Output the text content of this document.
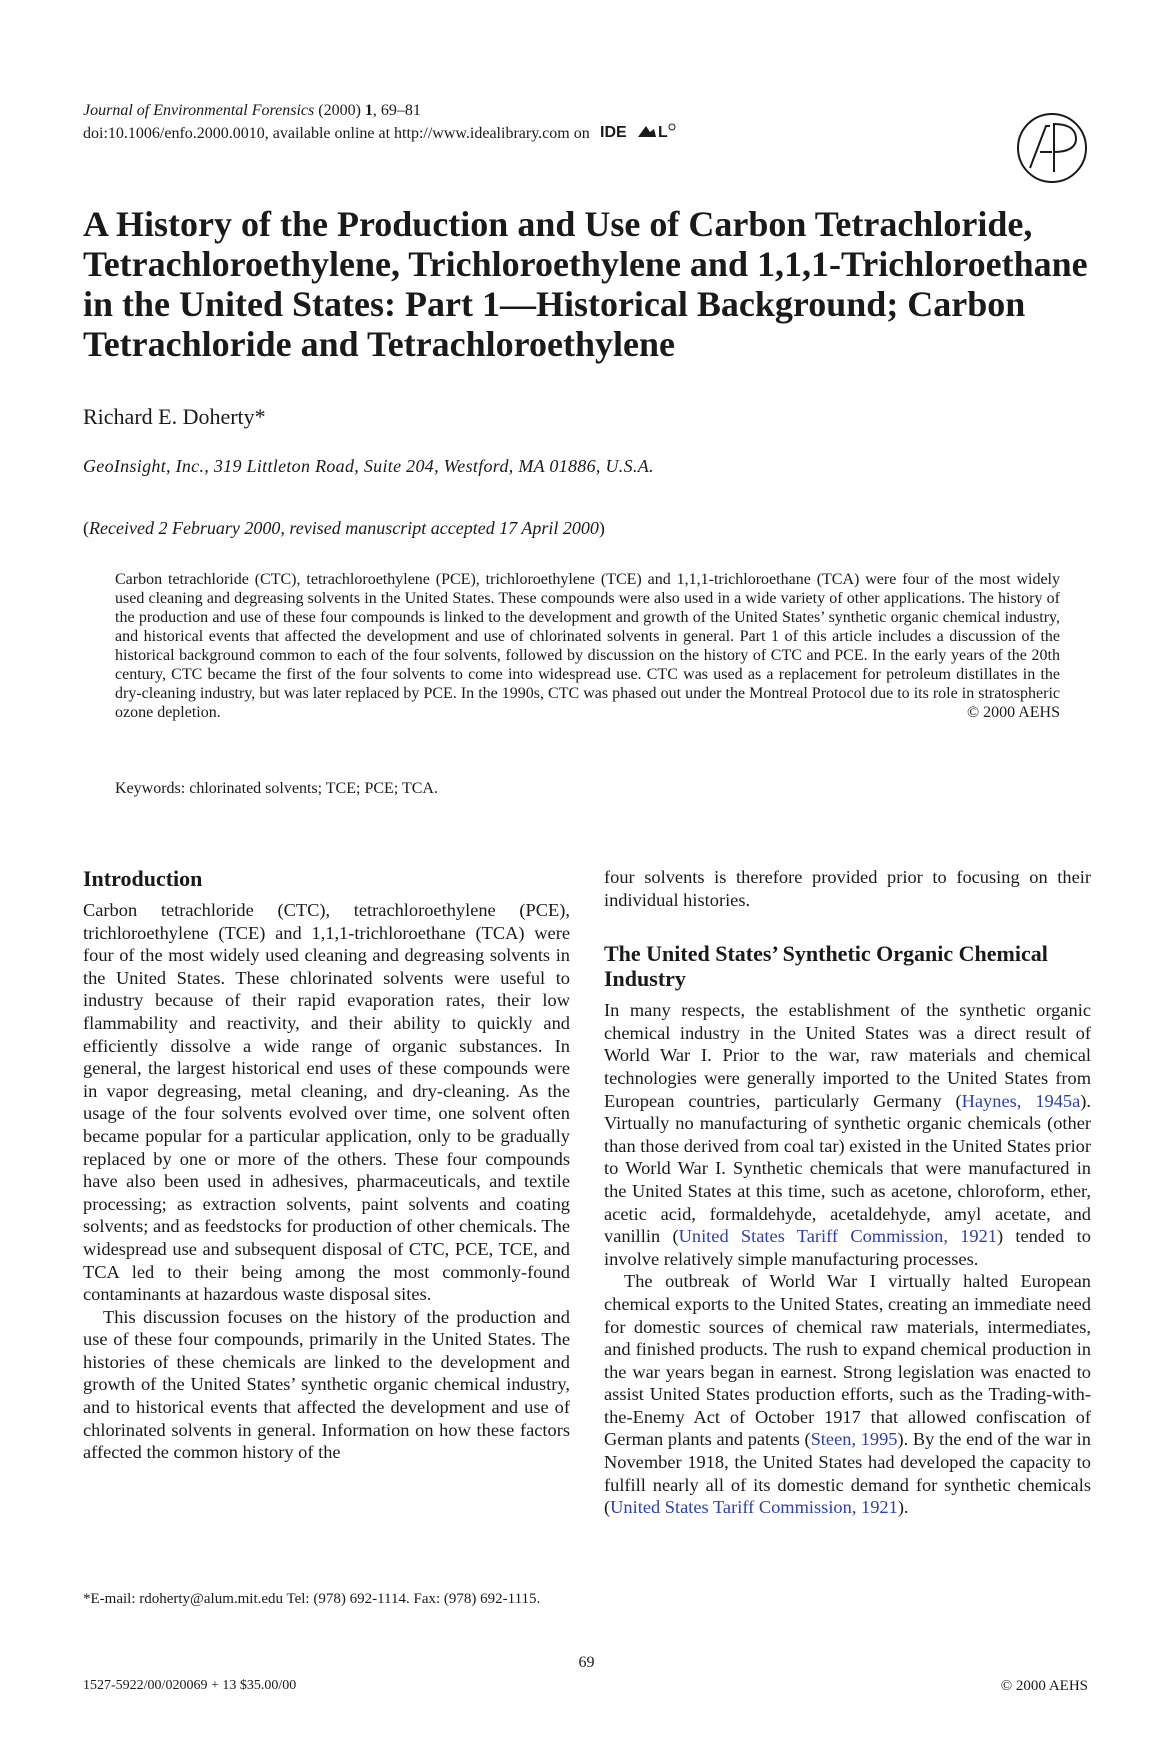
Journal of Environmental Forensics (2000) 1, 69–81
doi:10.1006/enfo.2000.0010, available online at http://www.idealibrary.com on IDE L
A History of the Production and Use of Carbon Tetrachloride, Tetrachloroethylene, Trichloroethylene and 1,1,1-Trichloroethane in the United States: Part 1—Historical Background; Carbon Tetrachloride and Tetrachloroethylene
Richard E. Doherty*
GeoInsight, Inc., 319 Littleton Road, Suite 204, Westford, MA 01886, U.S.A.
(Received 2 February 2000, revised manuscript accepted 17 April 2000)

Carbon tetrachloride (CTC), tetrachloroethylene (PCE), trichloroethylene (TCE) and 1,1,1-trichloroethane (TCA) were four of the most widely used cleaning and degreasing solvents in the United States. These compounds were also used in a wide variety of other applications. The history of the production and use of these four compounds is linked to the development and growth of the United States’ synthetic organic chemical industry, and historical events that affected the development and use of chlorinated solvents in general. Part 1 of this article includes a discussion of the historical background common to each of the four solvents, followed by discussion on the history of CTC and PCE. In the early years of the 20th century, CTC became the first of the four solvents to come into widespread use. CTC was used as a replacement for petroleum distillates in the dry-cleaning industry, but was later replaced by PCE. In the 1990s, CTC was phased out under the Montreal Protocol due to its role in stratospheric ozone depletion.	© 2000 AEHS

Keywords: chlorinated solvents; TCE; PCE; TCA.
Introduction

Carbon tetrachloride (CTC), tetrachloroethylene (PCE), trichloroethylene (TCE) and 1,1,1-trichloroethane (TCA) were four of the most widely used cleaning and degreasing solvents in the United States. These chlorinated solvents were useful to industry because of their rapid evaporation rates, their low flammability and reactivity, and their ability to quickly and efficiently dissolve a wide range of organic substances. In general, the largest historical end uses of these compounds were in vapor degreasing, metal cleaning, and dry-cleaning. As the usage of the four solvents evolved over time, one solvent often became popular for a particular application, only to be gradually replaced by one or more of the others. These four compounds have also been used in adhesives, pharmaceuticals, and textile processing; as extraction solvents, paint solvents and coating solvents; and as feedstocks for production of other chemicals. The widespread use and subsequent disposal of CTC, PCE, TCE, and TCA led to their being among the most commonly-found contaminants at hazardous waste disposal sites.

This discussion focuses on the history of the production and use of these four compounds, primarily in the United States. The histories of these chemicals are linked to the development and growth of the United States’ synthetic organic chemical industry, and to historical events that affected the development and use of chlorinated solvents in general. Information on how these factors affected the common history of the

four solvents is therefore provided prior to focusing on their individual histories.

The United States’ Synthetic Organic Chemical Industry

In many respects, the establishment of the synthetic organic chemical industry in the United States was a direct result of World War I. Prior to the war, raw materials and chemical technologies were generally imported to the United States from European countries, particularly Germany (Haynes, 1945a). Virtually no manufacturing of synthetic organic chemicals (other than those derived from coal tar) existed in the United States prior to World War I. Synthetic chemicals that were manufactured in the United States at this time, such as acetone, chloroform, ether, acetic acid, formaldehyde, acetaldehyde, amyl acetate, and vanillin (United States Tariff Commission, 1921) tended to involve relatively simple manufacturing processes.

The outbreak of World War I virtually halted European chemical exports to the United States, creating an immediate need for domestic sources of chemical raw materials, intermediates, and finished products. The rush to expand chemical production in the war years began in earnest. Strong legislation was enacted to assist United States production efforts, such as the Trading-with-the-Enemy Act of October 1917 that allowed confiscation of German plants and patents (Steen, 1995). By the end of the war in November 1918, the United States had developed the capacity to fulfill nearly all of its domestic demand for synthetic chemicals (United States Tariff Commission, 1921).

*E-mail: rdoherty@alum.mit.edu Tel: (978) 692-1114. Fax: (978) 692-1115.
69
1527-5922/00/020069 + 13 $35.00/00	© 2000 AEHS
